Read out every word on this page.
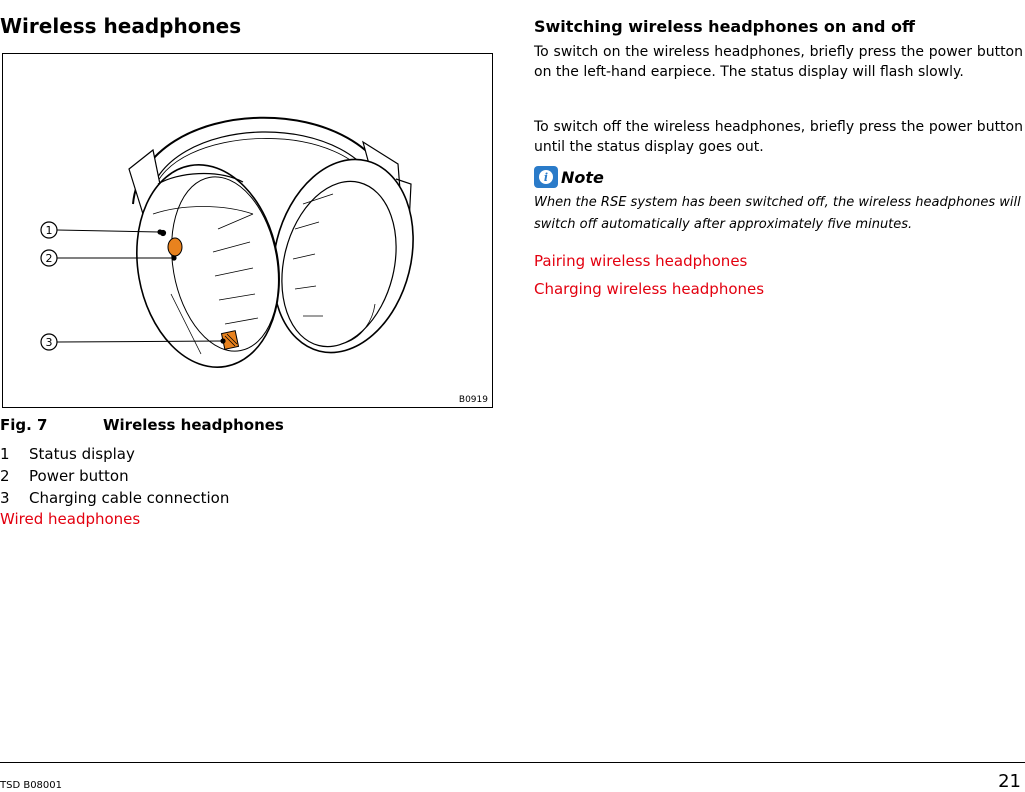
Wireless headphones
1
2
3
B0919
Fig. 7	Wireless headphones
1 Status display
2 Power button
3 Charging cable connection
Wired headphones
Switching wireless headphones on and off

To switch on the wireless headphones, briefly press the power button on the left-hand earpiece. The status display will flash slowly.

To switch off the wireless headphones, briefly press the power button until the status display goes out.

i Note

When the RSE system has been switched off, the wireless headphones will switch off automatically after approximately five minutes.

Pairing wireless headphones
Charging wireless headphones
TSD B08001	21
